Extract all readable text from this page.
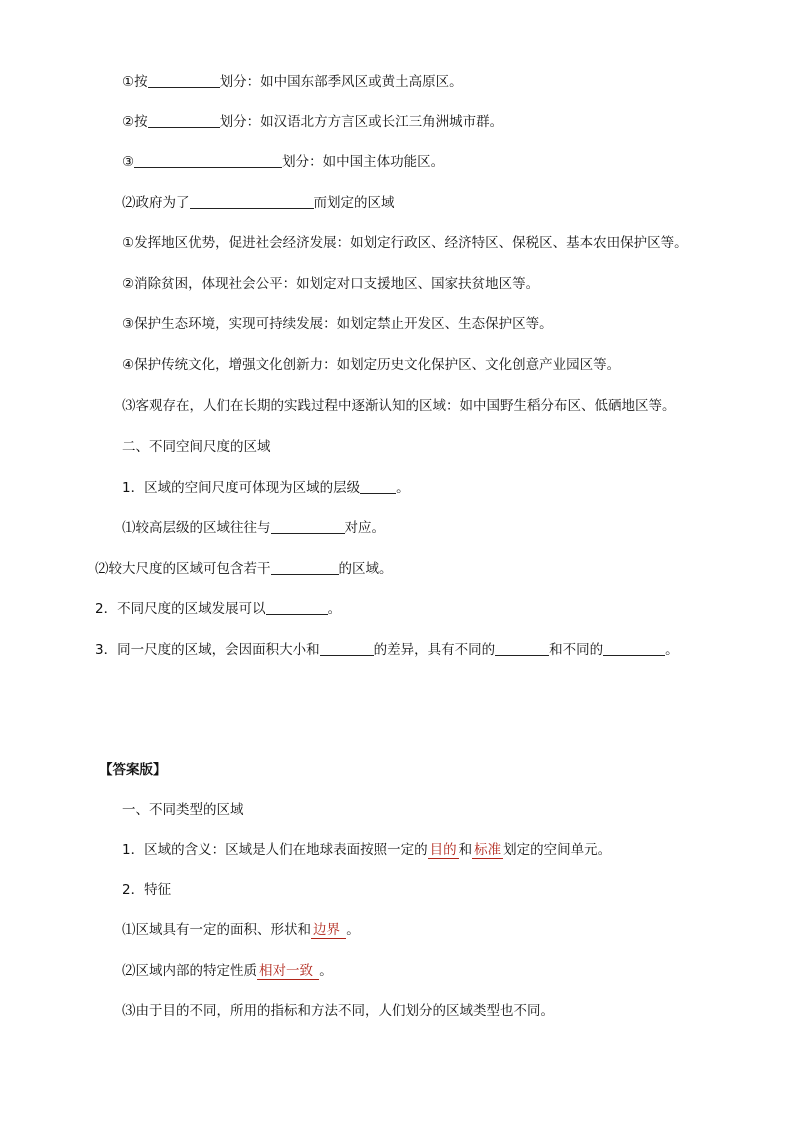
①按	划分：如中国东部季风区或黄土高原区。
②按	划分：如汉语北方方言区或长江三角洲城市群。
③	划分：如中国主体功能区。
⑵政府为了	而划定的区域
①发挥地区优势，促进社会经济发展：如划定行政区、经济特区、保税区、基本农田保护区等。
②消除贫困，体现社会公平：如划定对口支援地区、国家扶贫地区等。
③保护生态环境，实现可持续发展：如划定禁止开发区、生态保护区等。
④保护传统文化，增强文化创新力：如划定历史文化保护区、文化创意产业园区等。
⑶客观存在，人们在长期的实践过程中逐渐认知的区域：如中国野生稻分布区、低硒地区等。
二、不同空间尺度的区域
1．区域的空间尺度可体现为区域的层级	。
⑴较高层级的区域往往与	对应。
⑵较大尺度的区域可包含若干	的区域。
2．不同尺度的区域发展可以	。
3．同一尺度的区域，会因面积大小和	的差异，具有不同的	和不同的	。
【答案版】
一、不同类型的区域
1．区域的含义：区域是人们在地球表面按照一定的 目的 和 标准 划定的空间单元。
2．特征
⑴区域具有一定的面积、形状和 边界 。
⑵区域内部的特定性质 相对一致 。
⑶由于目的不同，所用的指标和方法不同，人们划分的区域类型也不同。
